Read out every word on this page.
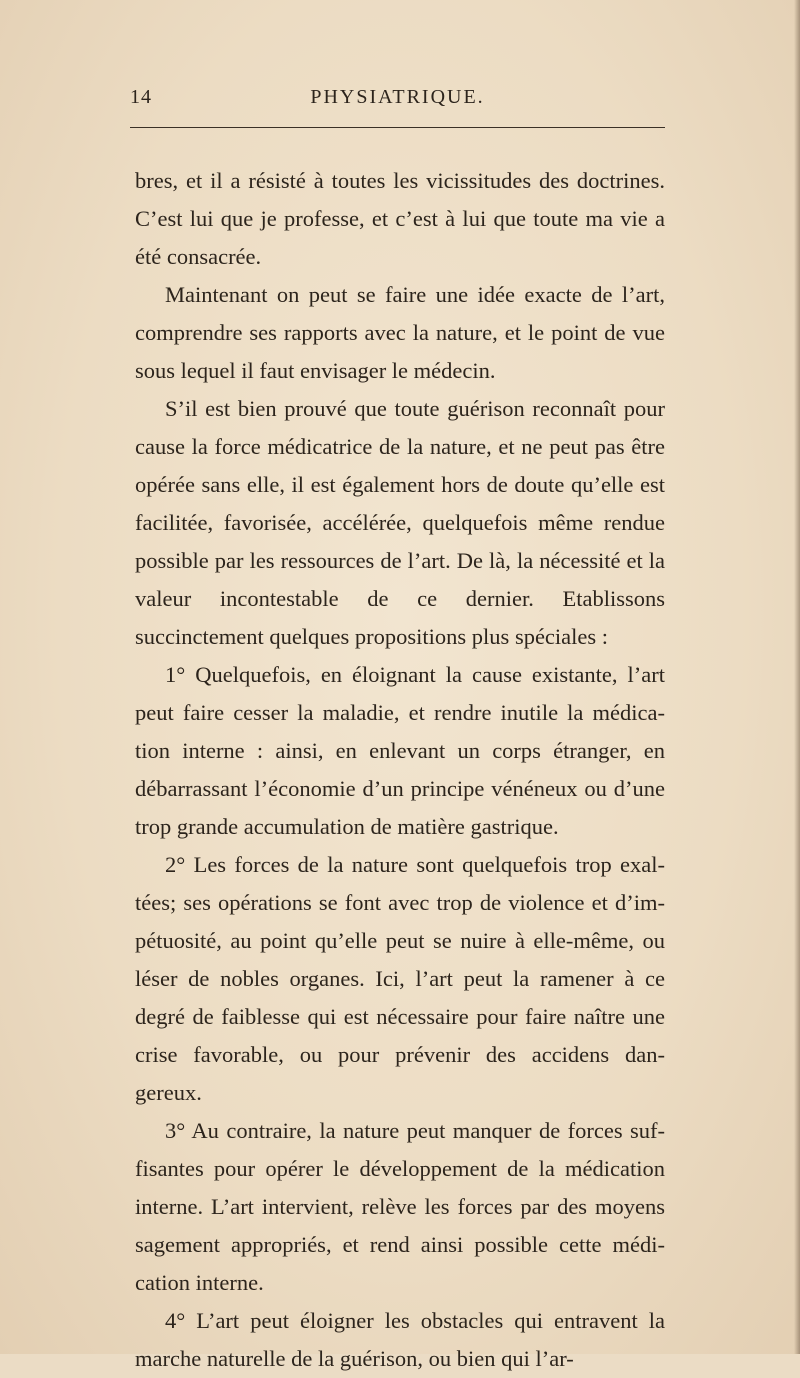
14	PHYSIATRIQUE.

bres, et il a résisté à toutes les vicissitudes des doctrines. C’est lui que je professe, et c’est à lui que toute ma vie a été consacrée.

Maintenant on peut se faire une idée exacte de l’art, comprendre ses rapports avec la nature, et le point de vue sous lequel il faut envisager le médecin.

S’il est bien prouvé que toute guérison reconnaît pour cause la force médicatrice de la nature, et ne peut pas être opérée sans elle, il est également hors de doute qu’elle est facilitée, favorisée, accélérée, quelquefois même rendue possible par les ressources de l’art. De là, la nécessité et la valeur incontestable de ce dernier. Etablissons succinctement quelques propositions plus spéciales :

1° Quelquefois, en éloignant la cause existante, l’art peut faire cesser la maladie, et rendre inutile la médica- tion interne : ainsi, en enlevant un corps étranger, en débarrassant l’économie d’un principe vénéneux ou d’une trop grande accumulation de matière gastrique.

2° Les forces de la nature sont quelquefois trop exal- tées; ses opérations se font avec trop de violence et d’im- pétuosité, au point qu’elle peut se nuire à elle-même, ou léser de nobles organes. Ici, l’art peut la ramener à ce degré de faiblesse qui est nécessaire pour faire naître une crise favorable, ou pour prévenir des accidens dan- gereux.

3° Au contraire, la nature peut manquer de forces suf- fisantes pour opérer le développement de la médication interne. L’art intervient, relève les forces par des moyens sagement appropriés, et rend ainsi possible cette médi- cation interne.

4° L’art peut éloigner les obstacles qui entravent la marche naturelle de la guérison, ou bien qui l’ar-
